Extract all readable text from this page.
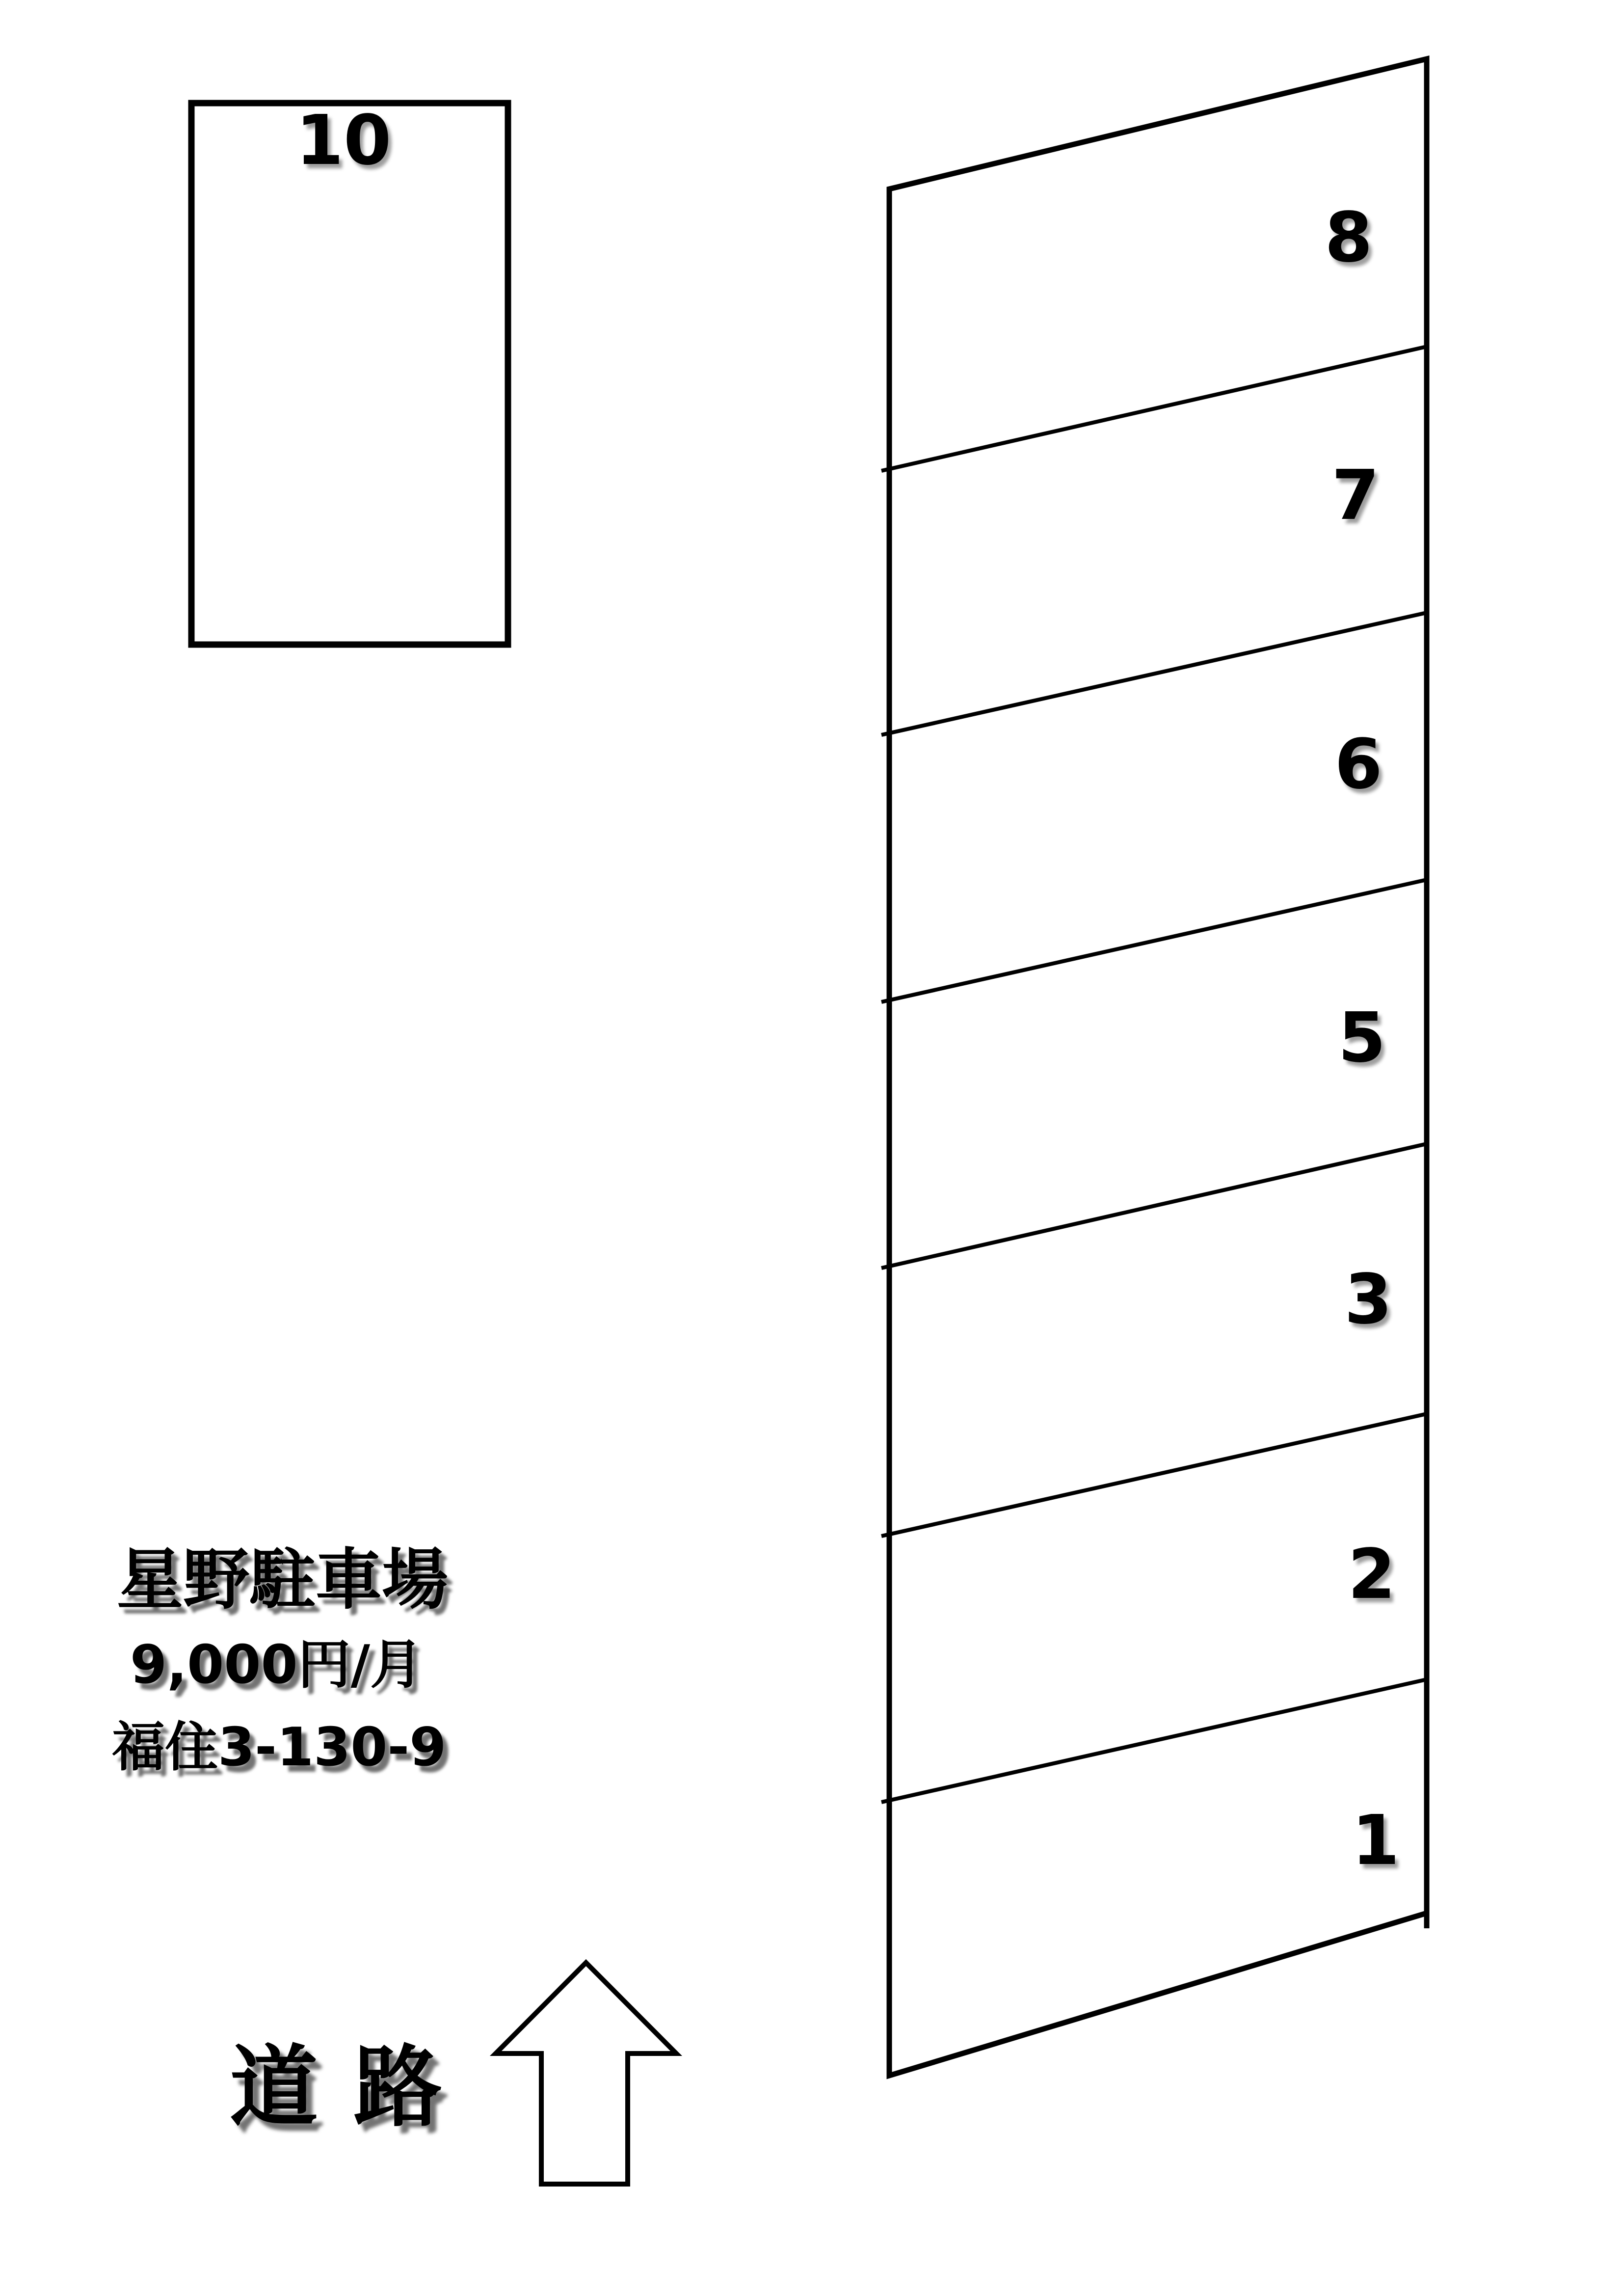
10
8
7
6
5
3
2
1
星野駐車場
9,000円/月
福住3-130-9
道 路
